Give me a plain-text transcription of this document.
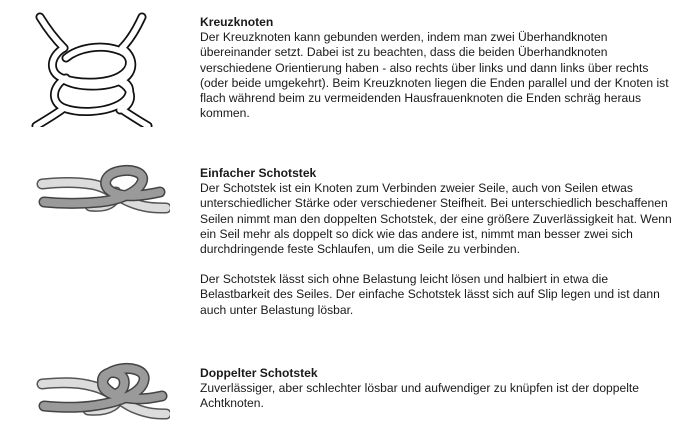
Kreuzknoten

Der Kreuzknoten kann gebunden werden, indem man zwei Überhandknoten übereinander setzt. Dabei ist zu beachten, dass die beiden Überhandknoten verschiedene Orientierung haben - also rechts über links und dann links über rechts (oder beide umgekehrt). Beim Kreuzknoten liegen die Enden parallel und der Knoten ist flach während beim zu vermeidenden Hausfrauenknoten die Enden schräg heraus kommen.

Einfacher Schotstek

Der Schotstek ist ein Knoten zum Verbinden zweier Seile, auch von Seilen etwas unterschiedlicher Stärke oder verschiedener Steifheit. Bei unterschiedlich beschaffenen Seilen nimmt man den doppelten Schotstek, der eine größere Zuverlässigkeit hat. Wenn ein Seil mehr als doppelt so dick wie das andere ist, nimmt man besser zwei sich durchdringende feste Schlaufen, um die Seile zu verbinden.

Der Schotstek lässt sich ohne Belastung leicht lösen und halbiert in etwa die Belastbarkeit des Seiles. Der einfache Schotstek lässt sich auf Slip legen und ist dann auch unter Belastung lösbar.

Doppelter Schotstek

Zuverlässiger, aber schlechter lösbar und aufwendiger zu knüpfen ist der doppelte Achtknoten.
